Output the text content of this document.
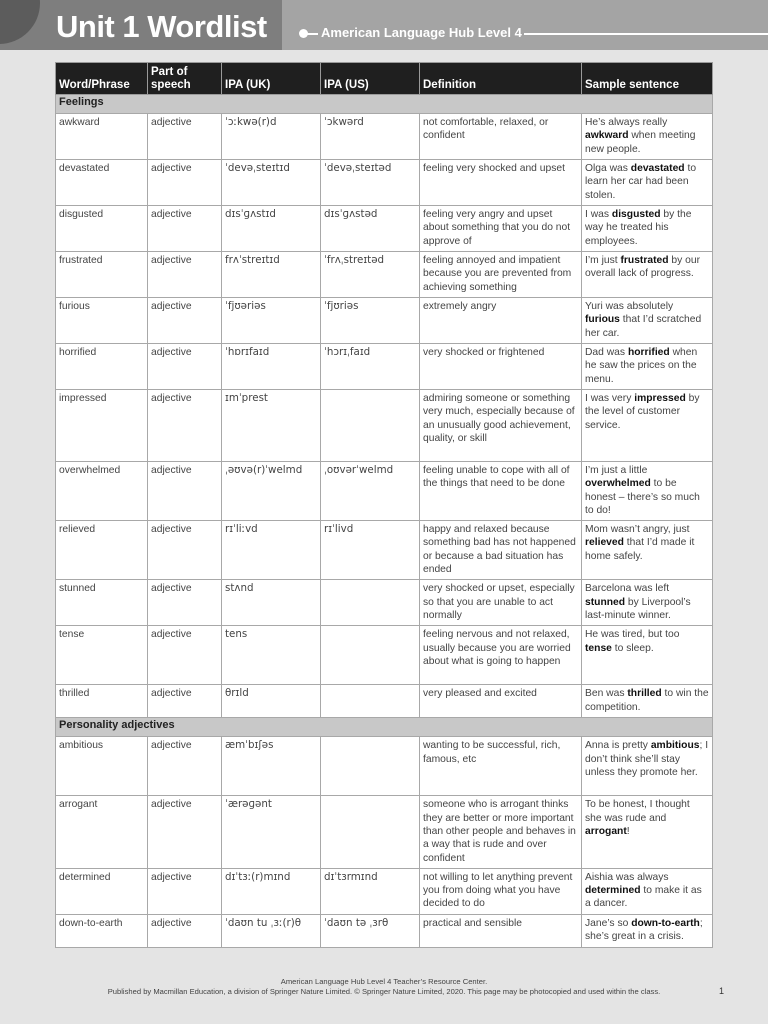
Unit 1 Wordlist	American Language Hub Level 4
Word/Phrase	Part of speech	IPA (UK)	IPA (US)	Definition	Sample sentence
Feelings					
awkward	adjective	ˈɔːkwə(r)d	ˈɔkwərd	not comfortable, relaxed, or confident	He’s always really awkward when meeting new people.
devastated	adjective	ˈdevəˌsteɪtɪd	ˈdevəˌsteɪtəd	feeling very shocked and upset	Olga was devastated to learn her car had been stolen.
disgusted	adjective	dɪsˈɡʌstɪd	dɪsˈɡʌstəd	feeling very angry and upset about something that you do not approve of	I was disgusted by the way he treated his employees.
frustrated	adjective	frʌˈstreɪtɪd	ˈfrʌˌstreɪtəd	feeling annoyed and impatient because you are prevented from achieving something	I’m just frustrated by our overall lack of progress.
furious	adjective	ˈfjʊəriəs	ˈfjʊriəs	extremely angry	Yuri was absolutely furious that I’d scratched her car.
horrified	adjective	ˈhɒrɪfaɪd	ˈhɔrɪˌfaɪd	very shocked or frightened	Dad was horrified when he saw the prices on the menu.
impressed	adjective	ɪmˈprest		admiring someone or something very much, especially because of an unusually good achievement, quality, or skill	I was very impressed by the level of customer service.
overwhelmed	adjective	ˌəʊvə(r)ˈwelmd	ˌoʊvərˈwelmd	feeling unable to cope with all of the things that need to be done	I’m just a little overwhelmed to be honest – there’s so much to do!
relieved	adjective	rɪˈliːvd	rɪˈlivd	happy and relaxed because something bad has not happened or because a bad situation has ended	Mom wasn’t angry, just relieved that I’d made it home safely.
stunned	adjective	stʌnd		very shocked or upset, especially so that you are unable to act normally	Barcelona was left stunned by Liverpool’s last-minute winner.
tense	adjective	tens		feeling nervous and not relaxed, usually because you are worried about what is going to happen	He was tired, but too tense to sleep.
thrilled	adjective	θrɪld		very pleased and excited	Ben was thrilled to win the competition.
Personality adjectives					
ambitious	adjective	æmˈbɪʃəs		wanting to be successful, rich, famous, etc	Anna is pretty ambitious; I don’t think she’ll stay unless they promote her.
arrogant	adjective	ˈærəɡənt		someone who is arrogant thinks they are better or more important than other people and behaves in a way that is rude and over confident	To be honest, I thought she was rude and arrogant!
determined	adjective	dɪˈtɜː(r)mɪnd	dɪˈtɜrmɪnd	not willing to let anything prevent you from doing what you have decided to do	Aishia was always determined to make it as a dancer.
down-to-earth	adjective	ˈdaʊn tu ˌɜː(r)θ	ˈdaʊn tə ˌɜrθ	practical and sensible	Jane’s so down-to-earth; she’s great in a crisis.
American Language Hub Level 4 Teacher’s Resource Center.
Published by Macmillan Education, a division of Springer Nature Limited. © Springer Nature Limited, 2020. This page may be photocopied and used within the class.	1
